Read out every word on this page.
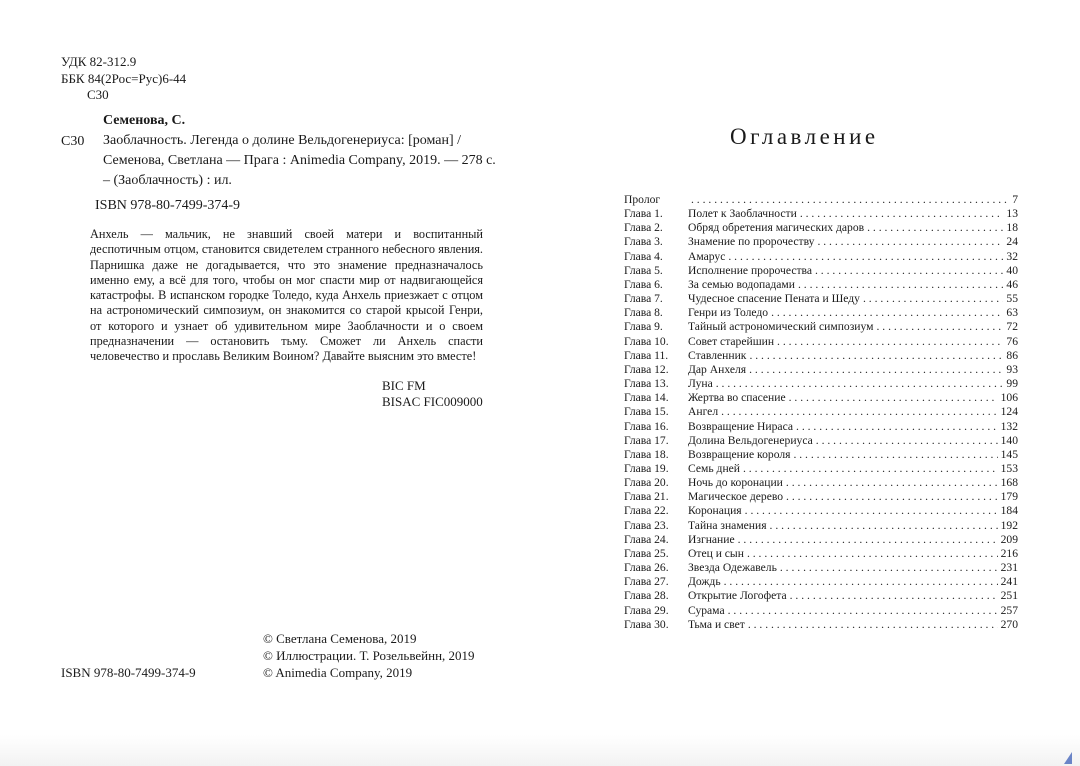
УДК 82-312.9
ББК 84(2Рос=Рус)6-44
С30
Семенова, С.
С30 Заоблачность. Легенда о долине Вельдогенериуса: [роман] / Семенова, Светлана — Прага : Animedia Company, 2019. — 278 с. – (Заоблачность) : ил.
ISBN 978-80-7499-374-9
Анхель — мальчик, не знавший своей матери и воспитанный деспотичным отцом, становится свидетелем странного небесного явления. Парнишка даже не догадывается, что это знамение предназначалось именно ему, а всё для того, чтобы он мог спасти мир от надвигающейся катастрофы. В испанском городке Толедо, куда Анхель приезжает с отцом на астрономический симпозиум, он знакомится со старой крысой Генри, от которого и узнает об удивительном мире Заоблачности и о своем предназначении — остановить тьму. Сможет ли Анхель спасти человечество и прославь Великим Воином? Давайте выясним это вместе!
BIC FM
BISAC FIC009000
© Светлана Семенова, 2019
© Иллюстрации. Т. Розельвейнн, 2019
© Animedia Company, 2019
ISBN 978-80-7499-374-9
Оглавление
Пролог . . .	7
Глава 1.	Полет к Заоблачности . . .	13
Глава 2.	Обряд обретения магических даров . . .	18
Глава 3.	Знамение по пророчеству . . .	24
Глава 4.	Амарус . . .	32
Глава 5.	Исполнение пророчества . . .	40
Глава 6.	За семью водопадами . . .	46
Глава 7.	Чудесное спасение Пената и Шеду . . .	55
Глава 8.	Генри из Толедо . . .	63
Глава 9.	Тайный астрономический симпозиум . . .	72
Глава 10.	Совет старейшин . . .	76
Глава 11.	Ставленник . . .	86
Глава 12.	Дар Анхеля . . .	93
Глава 13.	Луна . . .	99
Глава 14.	Жертва во спасение . . .	106
Глава 15.	Ангел . . .	124
Глава 16.	Возвращение Нираса . . .	132
Глава 17.	Долина Вельдогенериуса . . .	140
Глава 18.	Возвращение короля . . .	145
Глава 19.	Семь дней . . .	153
Глава 20.	Ночь до коронации . . .	168
Глава 21.	Магическое дерево . . .	179
Глава 22.	Коронация . . .	184
Глава 23.	Тайна знамения . . .	192
Глава 24.	Изгнание . . .	209
Глава 25.	Отец и сын . . .	216
Глава 26.	Звезда Одежавель . . .	231
Глава 27.	Дождь . . .	241
Глава 28.	Открытие Логофета . . .	251
Глава 29.	Сурама . . .	257
Глава 30.	Тьма и свет . . .	270
